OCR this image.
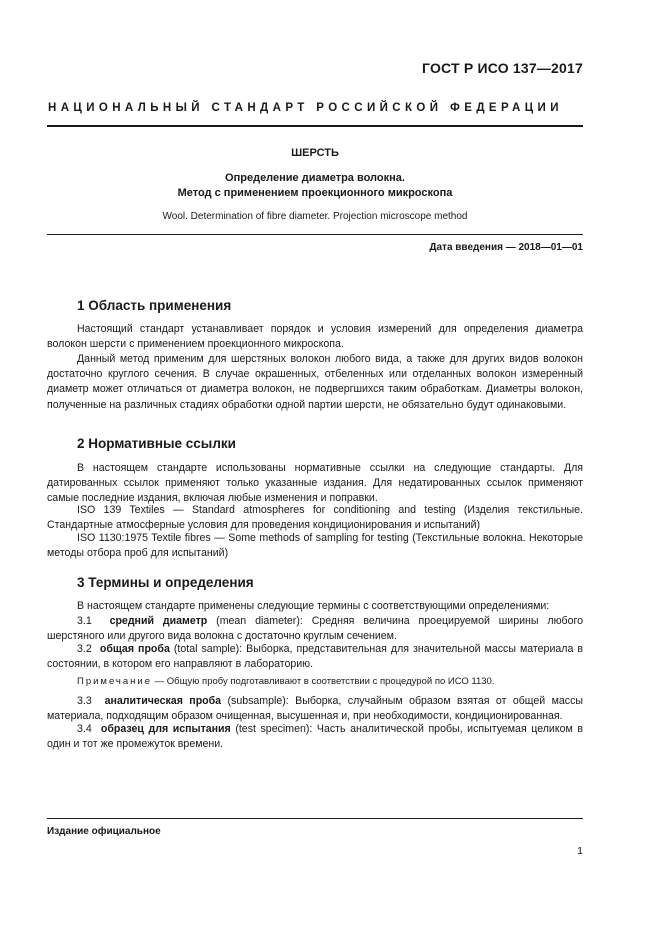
ГОСТ Р ИСО 137—2017
НАЦИОНАЛЬНЫЙ СТАНДАРТ РОССИЙСКОЙ ФЕДЕРАЦИИ
ШЕРСТЬ
Определение диаметра волокна.
Метод с применением проекционного микроскопа
Wool. Determination of fibre diameter. Projection microscope method
Дата введения — 2018—01—01
1 Область применения

Настоящий стандарт устанавливает порядок и условия измерений для определения диаметра волокон шерсти с применением проекционного микроскопа.

Данный метод применим для шерстяных волокон любого вида, а также для других видов волокон достаточно круглого сечения. В случае окрашенных, отбеленных или отделанных волокон измеренный диаметр может отличаться от диаметра волокон, не подвергшихся таким обработкам. Диаметры волокон, полученные на различных стадиях обработки одной партии шерсти, не обязательно будут одинаковыми.

2 Нормативные ссылки

В настоящем стандарте использованы нормативные ссылки на следующие стандарты. Для датированных ссылок применяют только указанные издания. Для недатированных ссылок применяют самые последние издания, включая любые изменения и поправки.

ISO 139 Textiles — Standard atmospheres for conditioning and testing (Изделия текстильные. Стандартные атмосферные условия для проведения кондиционирования и испытаний)

ISO 1130:1975 Textile fibres — Some methods of sampling for testing (Текстильные волокна. Некоторые методы отбора проб для испытаний)

3 Термины и определения

В настоящем стандарте применены следующие термины с соответствующими определениями:

3.1 средний диаметр (mean diameter): Средняя величина проецируемой ширины любого шерстяного или другого вида волокна с достаточно круглым сечением.

3.2 общая проба (total sample): Выборка, представительная для значительной массы материала в состоянии, в котором его направляют в лабораторию.

Примечание — Общую пробу подготавливают в соответствии с процедурой по ИСО 1130.

3.3 аналитическая проба (subsample): Выборка, случайным образом взятая от общей массы материала, подходящим образом очищенная, высушенная и, при необходимости, кондиционированная.

3.4 образец для испытания (test specimen): Часть аналитической пробы, испытуемая целиком в один и тот же промежуток времени.

Издание официальное
1
